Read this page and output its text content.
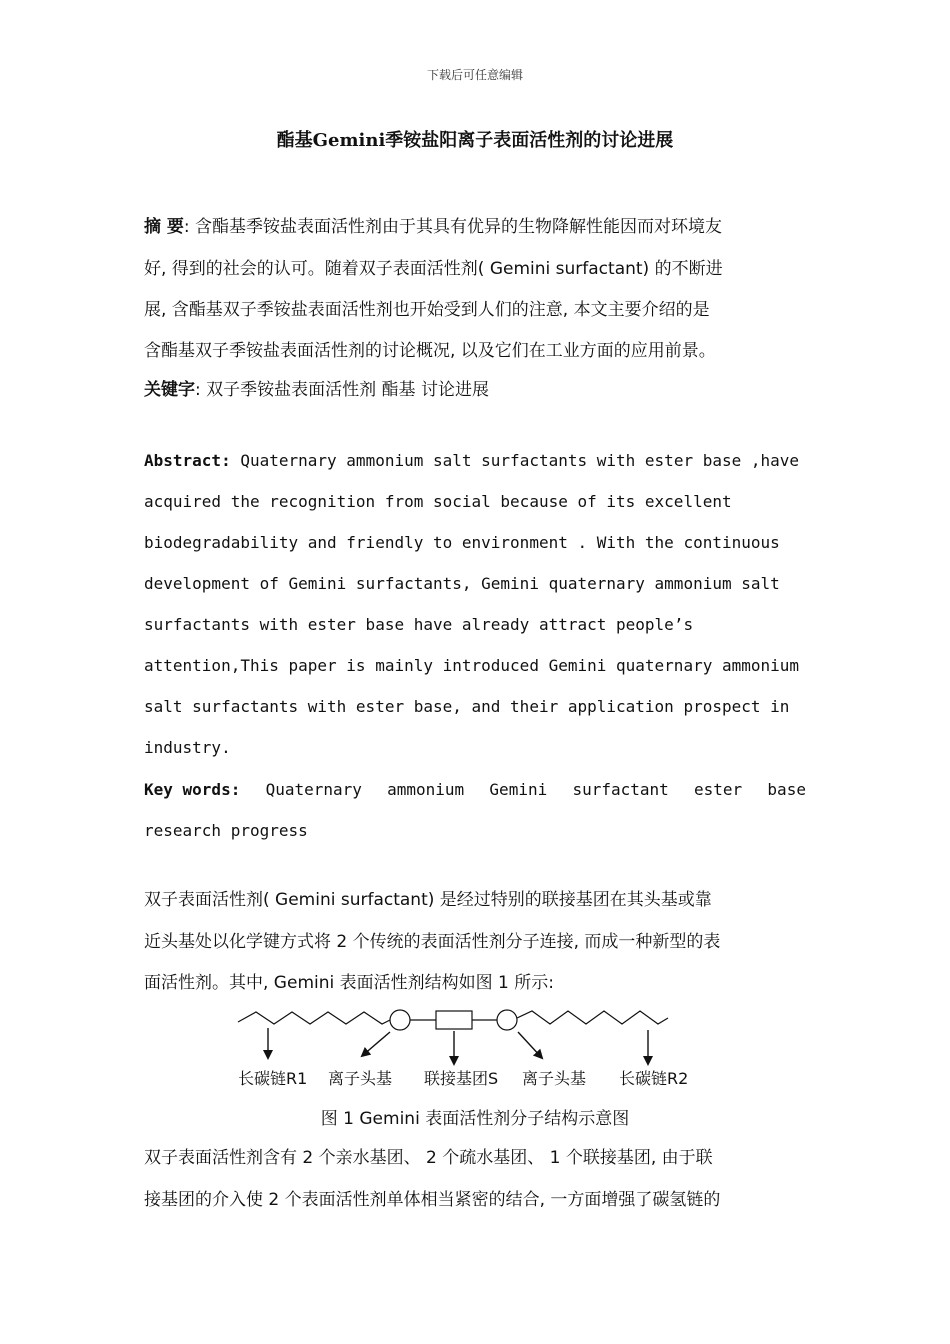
下载后可任意编辑
酯基Gemini季铵盐阳离子表面活性剂的讨论进展
摘 要: 含酯基季铵盐表面活性剂由于其具有优异的生物降解性能因而对环境友
好, 得到的社会的认可。随着双子表面活性剂( Gemini surfactant) 的不断进
展, 含酯基双子季铵盐表面活性剂也开始受到人们的注意, 本文主要介绍的是
含酯基双子季铵盐表面活性剂的讨论概况, 以及它们在工业方面的应用前景。
关键字: 双子季铵盐表面活性剂 酯基 讨论进展
Abstract: Quaternary ammonium salt surfactants with ester base ,have
acquired the recognition from social because of its excellent
biodegradability and friendly to environment . With the continuous
development of Gemini surfactants, Gemini quaternary ammonium salt
surfactants with ester base have already attract people’s
attention,This paper is mainly introduced Gemini quaternary ammonium
salt surfactants with ester base, and their application prospect in
industry.
Key words: Quaternary ammonium Gemini surfactant ester base
research progress
双子表面活性剂( Gemini surfactant) 是经过特别的联接基团在其头基或靠
近头基处以化学键方式将 2 个传统的表面活性剂分子连接, 而成一种新型的表
面活性剂。其中, Gemini 表面活性剂结构如图 1 所示:
长碳链R1 离子头基 联接基团S 离子头基 长碳链R2
图 1 Gemini 表面活性剂分子结构示意图
双子表面活性剂含有 2 个亲水基团、 2 个疏水基团、 1 个联接基团, 由于联
接基团的介入使 2 个表面活性剂单体相当紧密的结合, 一方面增强了碳氢链的
